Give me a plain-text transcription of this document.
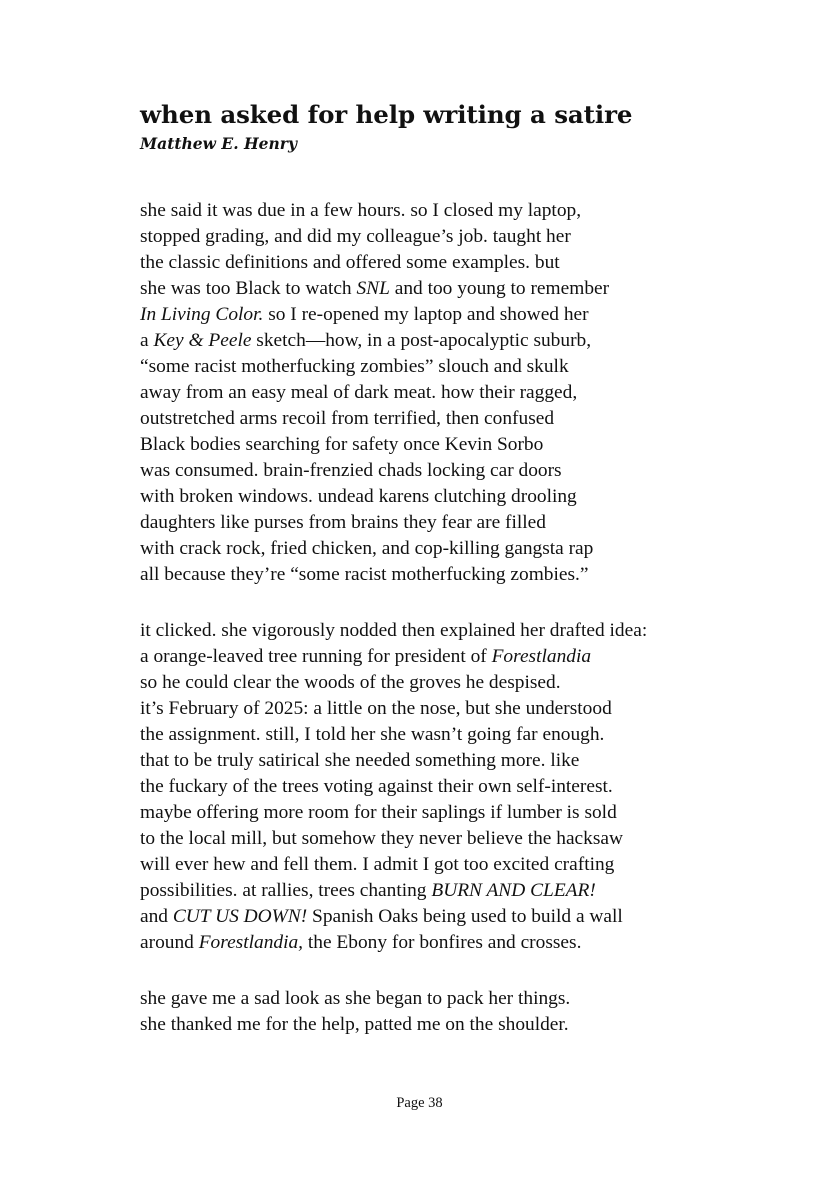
when asked for help writing a satire
Matthew E. Henry
she said it was due in a few hours. so I closed my laptop,
stopped grading, and did my colleague’s job. taught her
the classic definitions and offered some examples. but
she was too Black to watch SNL and too young to remember
In Living Color. so I re-opened my laptop and showed her
a Key & Peele sketch—how, in a post-apocalyptic suburb,
“some racist motherfucking zombies” slouch and skulk
away from an easy meal of dark meat. how their ragged,
outstretched arms recoil from terrified, then confused
Black bodies searching for safety once Kevin Sorbo
was consumed. brain-frenzied chads locking car doors
with broken windows. undead karens clutching drooling
daughters like purses from brains they fear are filled
with crack rock, fried chicken, and cop-killing gangsta rap
all because they’re “some racist motherfucking zombies.”
it clicked. she vigorously nodded then explained her drafted idea:
a orange-leaved tree running for president of Forestlandia
so he could clear the woods of the groves he despised.
it’s February of 2025: a little on the nose, but she understood
the assignment. still, I told her she wasn’t going far enough.
that to be truly satirical she needed something more. like
the fuckary of the trees voting against their own self-interest.
maybe offering more room for their saplings if lumber is sold
to the local mill, but somehow they never believe the hacksaw
will ever hew and fell them. I admit I got too excited crafting
possibilities. at rallies, trees chanting BURN AND CLEAR!
and CUT US DOWN! Spanish Oaks being used to build a wall
around Forestlandia, the Ebony for bonfires and crosses.
she gave me a sad look as she began to pack her things.
she thanked me for the help, patted me on the shoulder.
Page 38
